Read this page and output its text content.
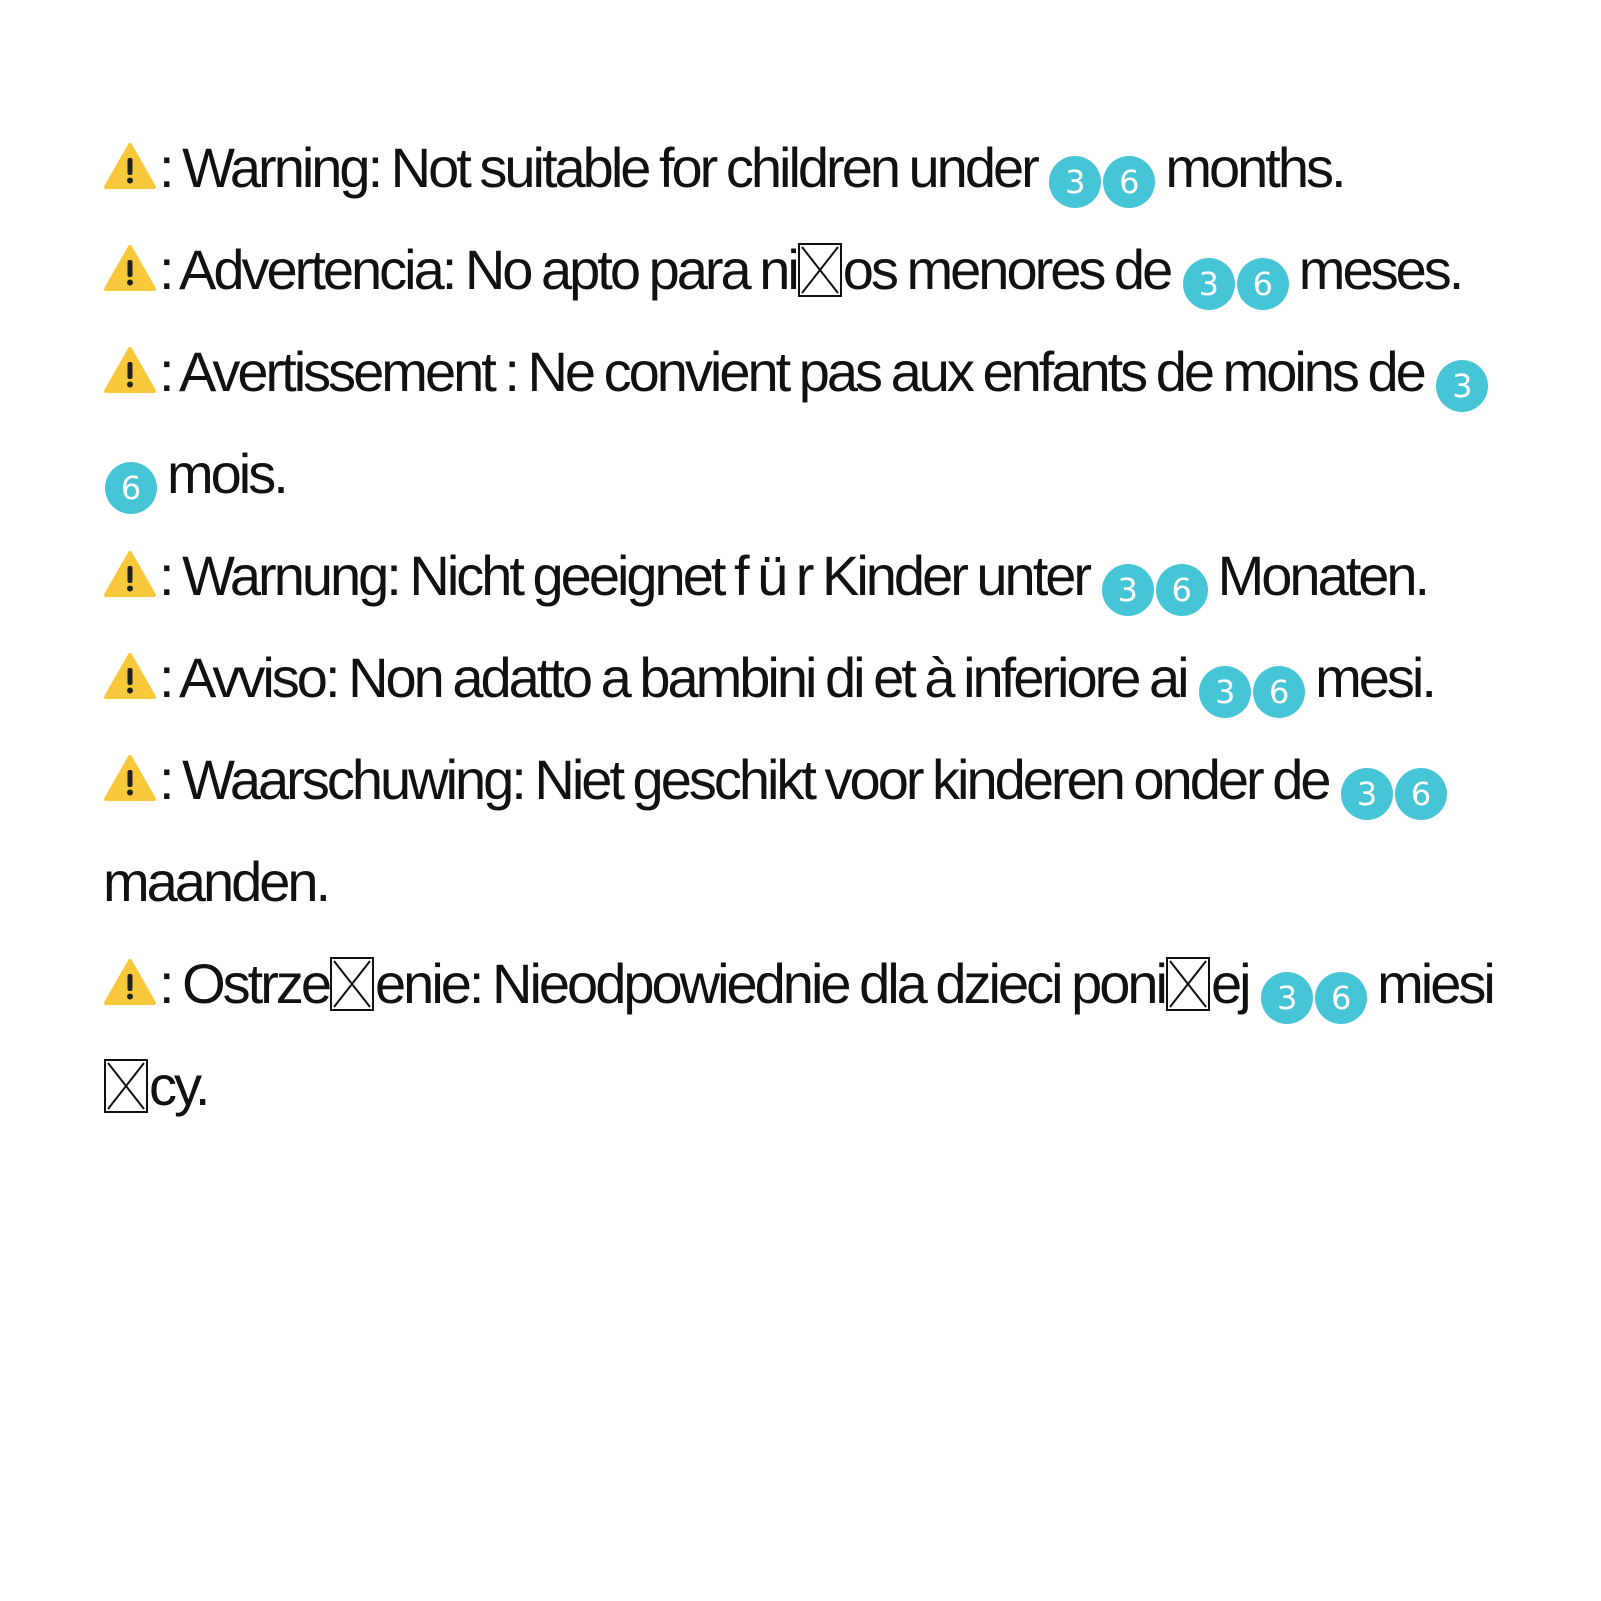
: Warning: Not suitable for children under 3 6 months.

: Advertencia: No apto para ni os menores de 3 6 meses.

: Avertissement : Ne convient pas aux enfants de moins de 36 mois.

: Warnung: Nicht geeignet f ü r Kinder unter 3 6 Monaten.

: Avviso: Non adatto a bambini di et à inferiore ai 3 6 mesi.

: Waarschuwing: Niet geschikt voor kinderen onder de 3 6maanden.

: Ostrze enie: Nieodpowiednie dla dzieci poni ej 3 6 miesi
cy.
